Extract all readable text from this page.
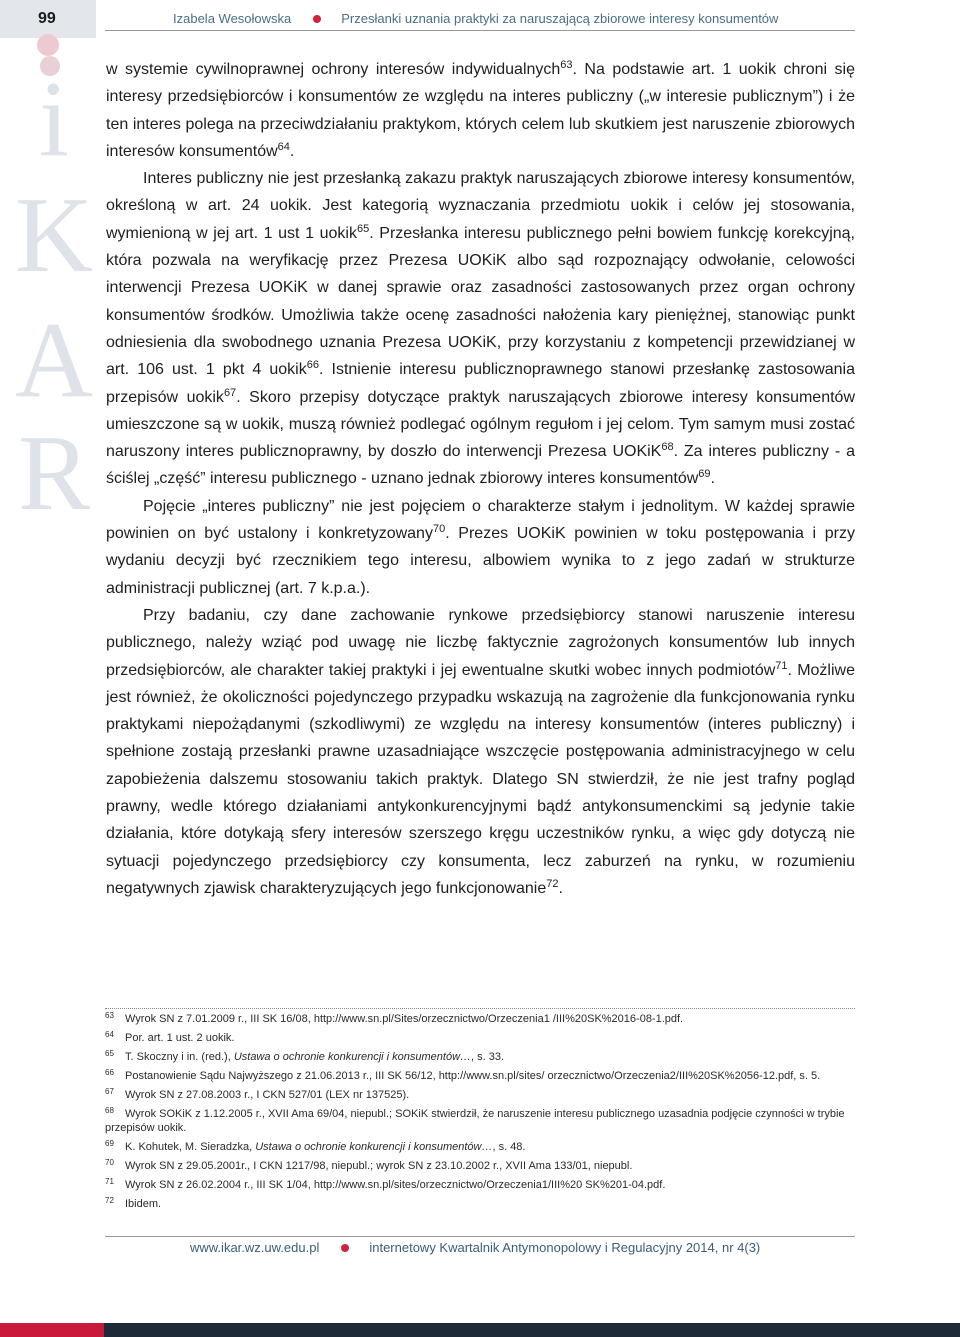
99	Izabela Wesołowska	Przesłanki uznania praktyki za naruszającą zbiorowe interesy konsumentów
i
K
A
R

w systemie cywilnoprawnej ochrony interesów indywidualnych$^{63}$. Na podstawie art. 1 uokik chroni się interesy przedsiębiorców i konsumentów ze względu na interes publiczny („w interesie publicznym”) i że ten interes polega na przeciwdziałaniu praktykom, których celem lub skutkiem jest naruszenie zbiorowych interesów konsumentów$^{64}$.

Interes publiczny nie jest przesłanką zakazu praktyk naruszających zbiorowe interesy konsumentów, określoną w art. 24 uokik. Jest kategorią wyznaczania przedmiotu uokik i celów jej stosowania, wymienioną w jej art. 1 ust 1 uokik$^{65}$. Przesłanka interesu publicznego pełni bowiem funkcję korekcyjną, która pozwala na weryfikację przez Prezesa UOKiK albo sąd rozpoznający odwołanie, celowości interwencji Prezesa UOKiK w danej sprawie oraz zasadności zastosowanych przez organ ochrony konsumentów środków. Umożliwia także ocenę zasadności nałożenia kary pieniężnej, stanowiąc punkt odniesienia dla swobodnego uznania Prezesa UOKiK, przy korzystaniu z kompetencji przewidzianej w art. 106 ust. 1 pkt 4 uokik$^{66}$. Istnienie interesu publicznoprawnego stanowi przesłankę zastosowania przepisów uokik$^{67}$. Skoro przepisy dotyczące praktyk naruszających zbiorowe interesy konsumentów umieszczone są w uokik, muszą również podlegać ogólnym regułom i jej celom. Tym samym musi zostać naruszony interes publicznoprawny, by doszło do interwencji Prezesa UOKiK$^{68}$. Za interes publiczny - a ściślej „część” interesu publicznego - uznano jednak zbiorowy interes konsumentów$^{69}$.

Pojęcie „interes publiczny” nie jest pojęciem o charakterze stałym i jednolitym. W każdej sprawie powinien on być ustalony i konkretyzowany$^{70}$. Prezes UOKiK powinien w toku postępowania i przy wydaniu decyzji być rzecznikiem tego interesu, albowiem wynika to z jego zadań w strukturze administracji publicznej (art. 7 k.p.a.).

Przy badaniu, czy dane zachowanie rynkowe przedsiębiorcy stanowi naruszenie interesu publicznego, należy wziąć pod uwagę nie liczbę faktycznie zagrożonych konsumentów lub innych przedsiębiorców, ale charakter takiej praktyki i jej ewentualne skutki wobec innych podmiotów$^{71}$. Możliwe jest również, że okoliczności pojedynczego przypadku wskazują na zagrożenie dla funkcjonowania rynku praktykami niepożądanymi (szkodliwymi) ze względu na interesy konsumentów (interes publiczny) i spełnione zostają przesłanki prawne uzasadniające wszczęcie postępowania administracyjnego w celu zapobieżenia dalszemu stosowaniu takich praktyk. Dlatego SN stwierdził, że nie jest trafny pogląd prawny, wedle którego działaniami antykonkurencyjnymi bądź antykonsumenckimi są jedynie takie działania, które dotykają sfery interesów szerszego kręgu uczestników rynku, a więc gdy dotyczą nie sytuacji pojedynczego przedsiębiorcy czy konsumenta, lecz zaburzeń na rynku, w rozumieniu negatywnych zjawisk charakteryzujących jego funkcjonowanie$^{72}$.

63 Wyrok SN z 7.01.2009 r., III SK 16/08, http://www.sn.pl/Sites/orzecznictwo/Orzeczenia1 /III%20SK%2016-08-1.pdf.
64 Por. art. 1 ust. 2 uokik.
65 T. Skoczny i in. (red.), Ustawa o ochronie konkurencji i konsumentów…, s. 33.
66 Postanowienie Sądu Najwyższego z 21.06.2013 r., III SK 56/12, http://www.sn.pl/sites/ orzecznictwo/Orzeczenia2/III%20SK%2056-12.pdf, s. 5.
67 Wyrok SN z 27.08.2003 r., I CKN 527/01 (LEX nr 137525).
68 Wyrok SOKiK z 1.12.2005 r., XVII Ama 69/04, niepubl.; SOKiK stwierdził, że naruszenie interesu publicznego uzasadnia podjęcie czynności w trybie przepisów uokik.
69 K. Kohutek, M. Sieradzka, Ustawa o ochronie konkurencji i konsumentów…, s. 48.
70 Wyrok SN z 29.05.2001r., I CKN 1217/98, niepubl.; wyrok SN z 23.10.2002 r., XVII Ama 133/01, niepubl.
71 Wyrok SN z 26.02.2004 r., III SK 1/04, http://www.sn.pl/sites/orzecznictwo/Orzeczenia1/III%20 SK%201-04.pdf.
72 Ibidem.
www.ikar.wz.uw.edu.pl	internetowy Kwartalnik Antymonopolowy i Regulacyjny 2014, nr 4(3)
